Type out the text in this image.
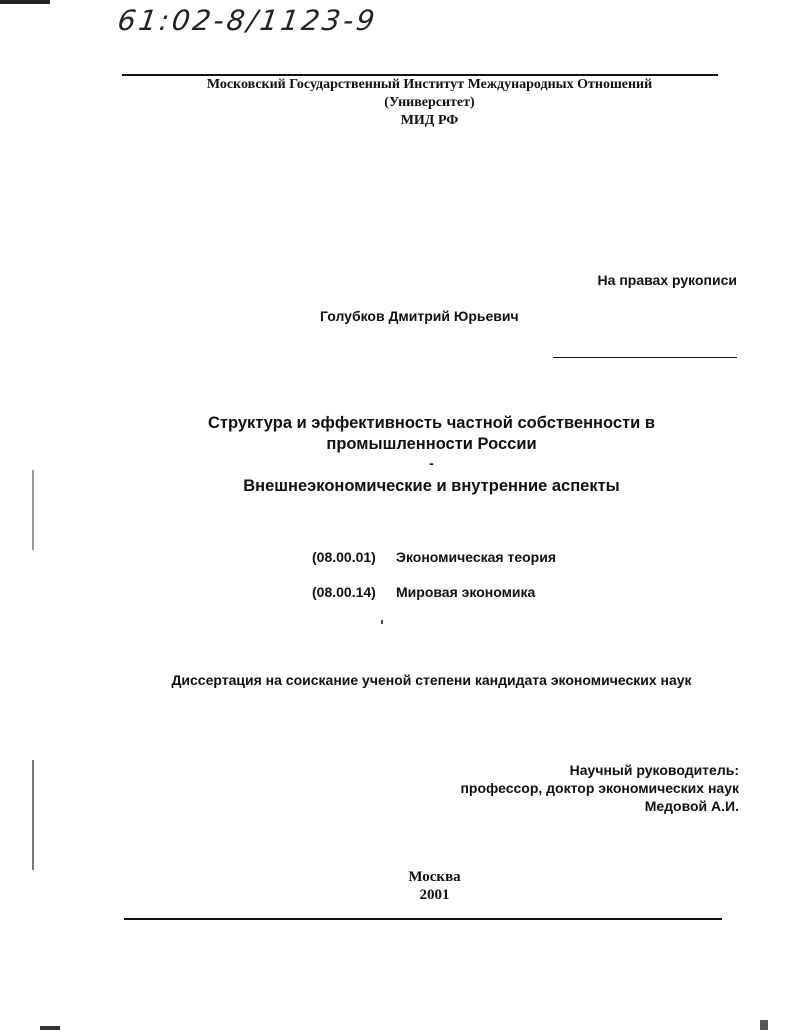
61:02-8/1123-9
Московский Государственный Институт Международных Отношений
(Университет)
МИД РФ
На правах рукописи
Голубков Дмитрий Юрьевич
Структура и эффективность частной собственности в
промышленности России
-
Внешнеэкономические и внутренние аспекты
(08.00.01) Экономическая теория
(08.00.14) Мировая экономика
Диссертация на соискание ученой степени кандидата экономических наук
Научный руководитель:
профессор, доктор экономических наук
Медовой А.И.
Москва
2001
